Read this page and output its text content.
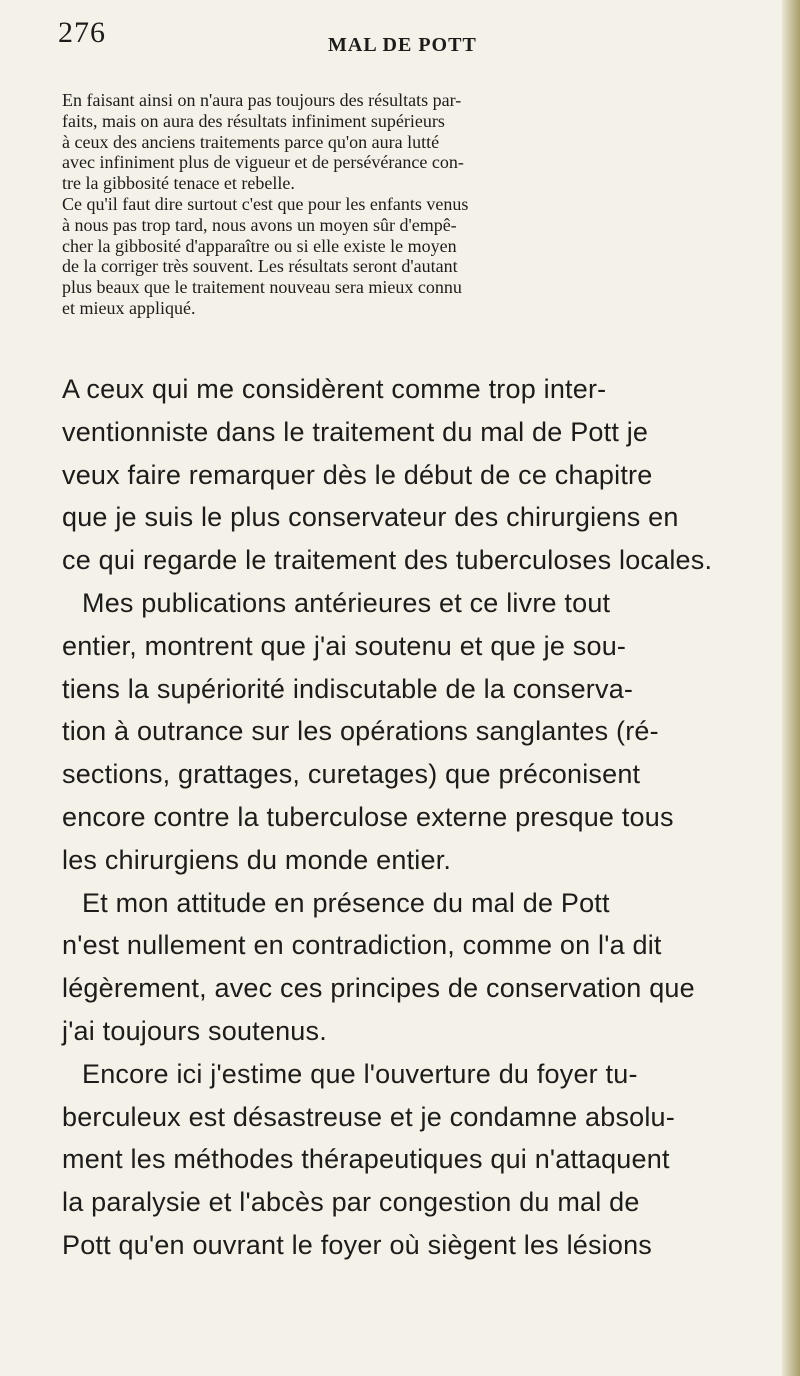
276	MAL DE POTT

En faisant ainsi on n'aura pas toujours des résultats par-
faits, mais on aura des résultats infiniment supérieurs
à ceux des anciens traitements parce qu'on aura lutté
avec infiniment plus de vigueur et de persévérance con-
tre la gibbosité tenace et rebelle.

Ce qu'il faut dire surtout c'est que pour les enfants venus
à nous pas trop tard, nous avons un moyen sûr d'empê-
cher la gibbosité d'apparaître ou si elle existe le moyen
de la corriger très souvent. Les résultats seront d'autant
plus beaux que le traitement nouveau sera mieux connu
et mieux appliqué.

A ceux qui me considèrent comme trop inter-
ventionniste dans le traitement du mal de Pott je
veux faire remarquer dès le début de ce chapitre
que je suis le plus conservateur des chirurgiens en
ce qui regarde le traitement des tuberculoses locales.

Mes publications antérieures et ce livre tout
entier, montrent que j'ai soutenu et que je sou-
tiens la supériorité indiscutable de la conserva-
tion à outrance sur les opérations sanglantes (ré-
sections, grattages, curetages) que préconisent
encore contre la tuberculose externe presque tous
les chirurgiens du monde entier.

Et mon attitude en présence du mal de Pott
n'est nullement en contradiction, comme on l'a dit
légèrement, avec ces principes de conservation que
j'ai toujours soutenus.

Encore ici j'estime que l'ouverture du foyer tu-
berculeux est désastreuse et je condamne absolu-
ment les méthodes thérapeutiques qui n'attaquent
la paralysie et l'abcès par congestion du mal de
Pott qu'en ouvrant le foyer où siègent les lésions
